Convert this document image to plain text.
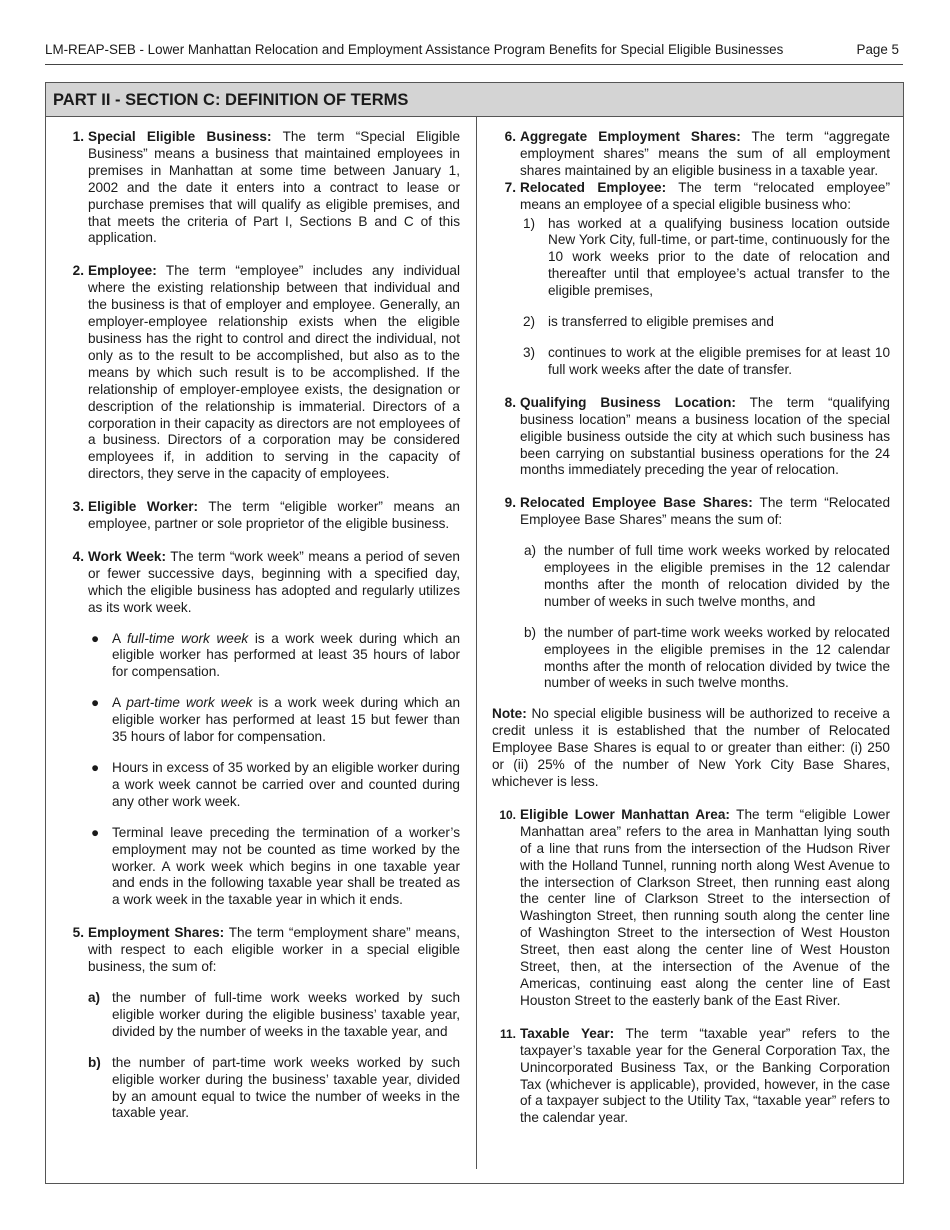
LM-REAP-SEB - Lower Manhattan Relocation and Employment Assistance Program Benefits for Special Eligible Businesses	Page 5
PART II - SECTION C: DEFINITION OF TERMS
1. Special Eligible Business: The term “Special Eligible Business” means a business that maintained employees in premises in Manhattan at some time between January 1, 2002 and the date it enters into a contract to lease or purchase premises that will qualify as eligible premises, and that meets the criteria of Part I, Sections B and C of this application.
2. Employee: The term “employee” includes any individual where the existing relationship between that individual and the business is that of employer and employee. Generally, an employer-employee relationship exists when the eligible business has the right to control and direct the individual, not only as to the result to be accomplished, but also as to the means by which such result is to be accomplished. If the relationship of employer-employee exists, the designation or description of the relationship is immaterial. Directors of a corporation in their capacity as directors are not employees of a business. Directors of a corporation may be considered employees if, in addition to serving in the capacity of directors, they serve in the capacity of employees.
3. Eligible Worker: The term “eligible worker” means an employee, partner or sole proprietor of the eligible business.
4. Work Week: The term “work week” means a period of seven or fewer successive days, beginning with a specified day, which the eligible business has adopted and regularly utilizes as its work week.
● A full-time work week is a work week during which an eligible worker has performed at least 35 hours of labor for compensation.
● A part-time work week is a work week during which an eligible worker has performed at least 15 but fewer than 35 hours of labor for compensation.
● Hours in excess of 35 worked by an eligible worker during a work week cannot be carried over and counted during any other work week.
● Terminal leave preceding the termination of a worker’s employment may not be counted as time worked by the worker. A work week which begins in one taxable year and ends in the following taxable year shall be treated as a work week in the taxable year in which it ends.
5. Employment Shares: The term “employment share” means, with respect to each eligible worker in a special eligible business, the sum of:
a) the number of full-time work weeks worked by such eligible worker during the eligible business’ taxable year, divided by the number of weeks in the taxable year, and
b) the number of part-time work weeks worked by such eligible worker during the business’ taxable year, divided by an amount equal to twice the number of weeks in the taxable year.
6. Aggregate Employment Shares: The term “aggregate employment shares” means the sum of all employment shares maintained by an eligible business in a taxable year.
7. Relocated Employee: The term “relocated employee” means an employee of a special eligible business who:
1) has worked at a qualifying business location outside New York City, full-time, or part-time, continuously for the 10 work weeks prior to the date of relocation and thereafter until that employee’s actual transfer to the eligible premises,
2) is transferred to eligible premises and
3) continues to work at the eligible premises for at least 10 full work weeks after the date of transfer.
8. Qualifying Business Location: The term “qualifying business location” means a business location of the special eligible business outside the city at which such business has been carrying on substantial business operations for the 24 months immediately preceding the year of relocation.
9. Relocated Employee Base Shares: The term “Relocated Employee Base Shares” means the sum of:
a) the number of full time work weeks worked by relocated employees in the eligible premises in the 12 calendar months after the month of relocation divided by the number of weeks in such twelve months, and
b) the number of part-time work weeks worked by relocated employees in the eligible premises in the 12 calendar months after the month of relocation divided by twice the number of weeks in such twelve months.
Note: No special eligible business will be authorized to receive a credit unless it is established that the number of Relocated Employee Base Shares is equal to or greater than either: (i) 250 or (ii) 25% of the number of New York City Base Shares, whichever is less.
10. Eligible Lower Manhattan Area: The term “eligible Lower Manhattan area” refers to the area in Manhattan lying south of a line that runs from the intersection of the Hudson River with the Holland Tunnel, running north along West Avenue to the intersection of Clarkson Street, then running east along the center line of Clarkson Street to the intersection of Washington Street, then running south along the center line of Washington Street to the intersection of West Houston Street, then east along the center line of West Houston Street, then, at the intersection of the Avenue of the Americas, continuing east along the center line of East Houston Street to the easterly bank of the East River.
11. Taxable Year: The term “taxable year” refers to the taxpayer’s taxable year for the General Corporation Tax, the Unincorporated Business Tax, or the Banking Corporation Tax (whichever is applicable), provided, however, in the case of a taxpayer subject to the Utility Tax, “taxable year” refers to the calendar year.
